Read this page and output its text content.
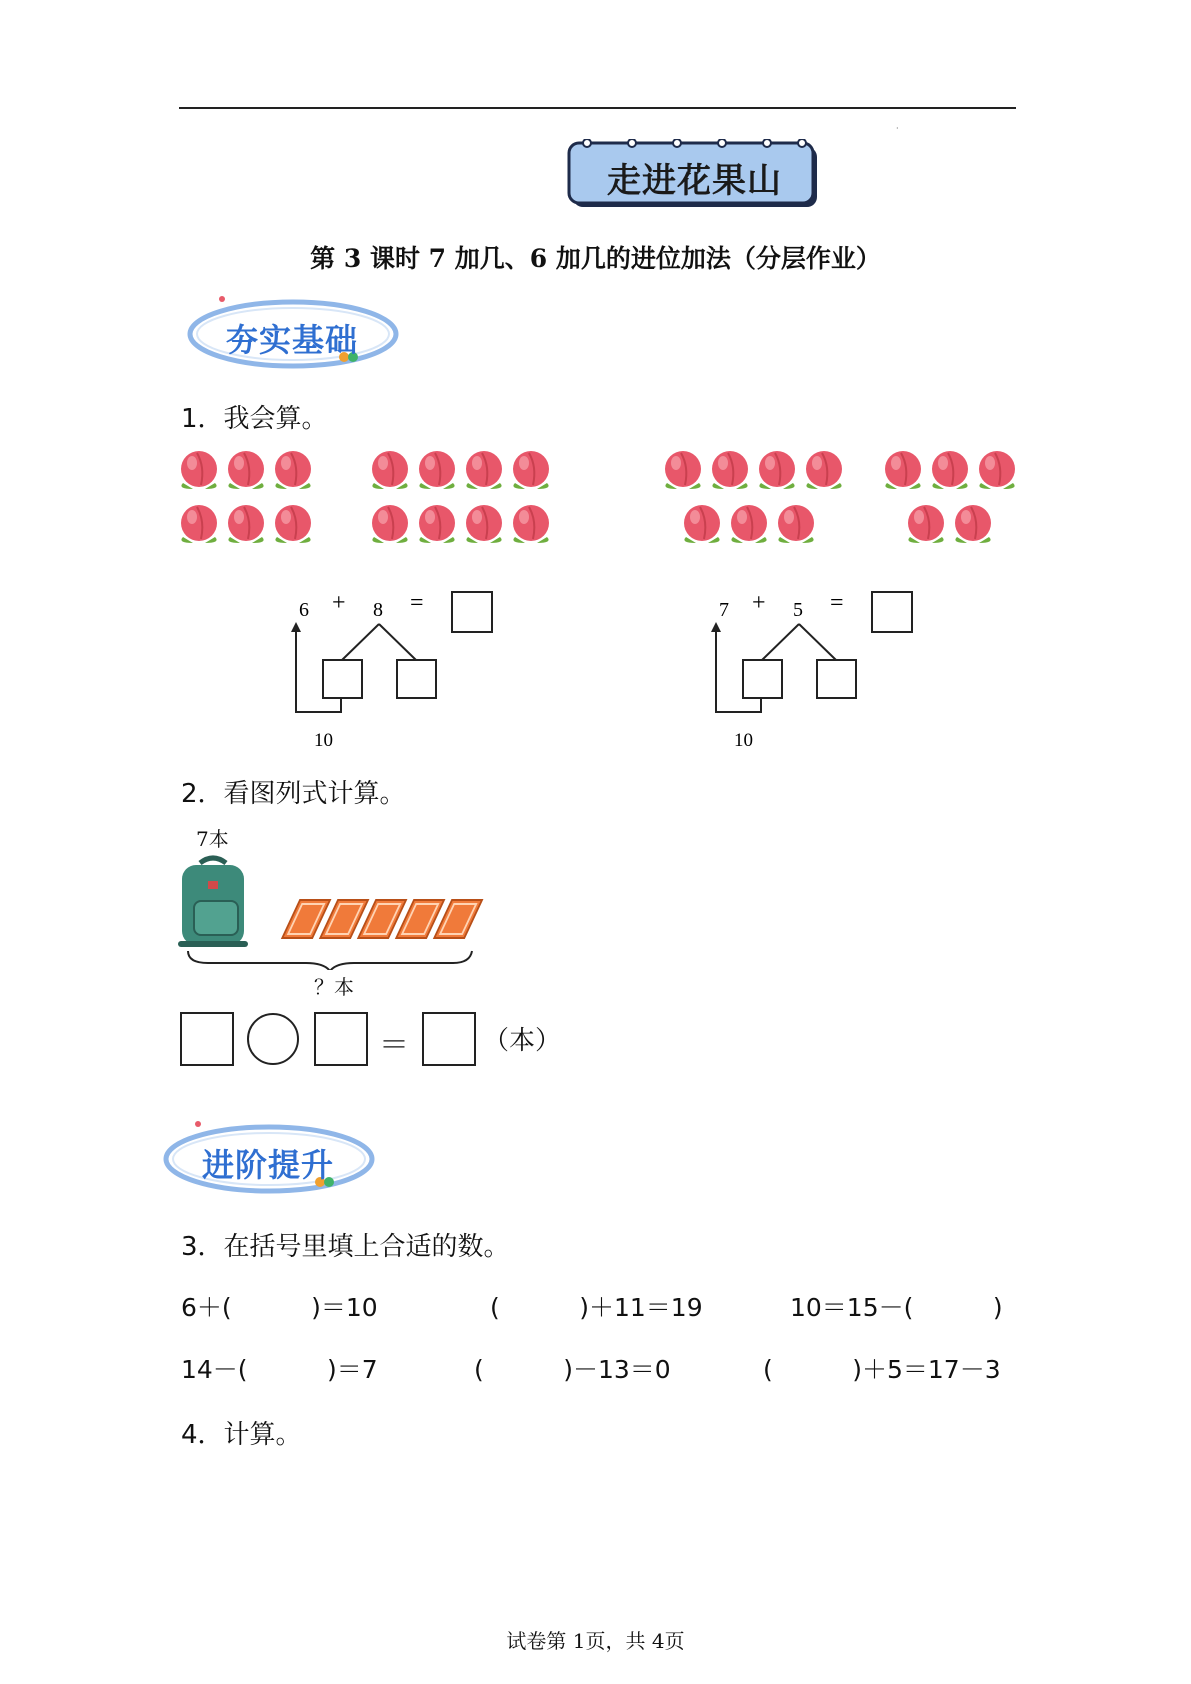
·
走进花果山
第 3 课时 7 加几、6 加几的进位加法（分层作业）
夯实基础
1．我会算。
6 + 8 =
10
7 + 5 =
10
2．看图列式计算。
7本
？本
＝	（本）
进阶提升
3．在括号里填上合适的数。
6＋(          )＝10	(          )＋11＝19	10＝15－(          )
14－(          )＝7	(          )－13＝0	(          )＋5＝17－3
4．计算。
试卷第 1页，共 4页
